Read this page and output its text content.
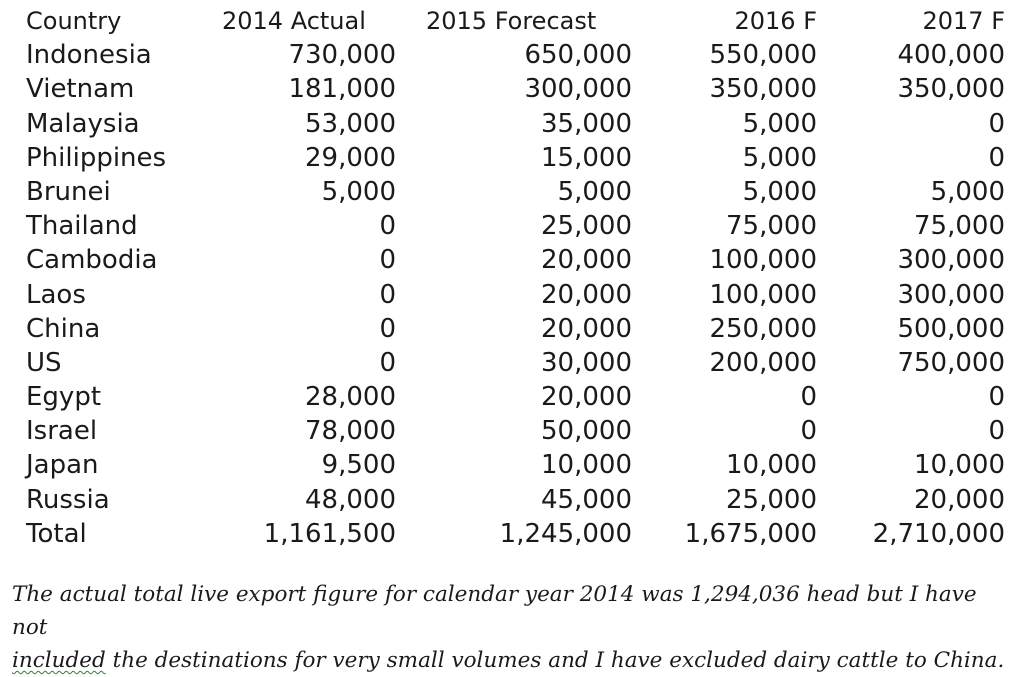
Country	2014 Actual	2015 Forecast	2016 F	2017 F
Indonesia	730,000	650,000	550,000	400,000
Vietnam	181,000	300,000	350,000	350,000
Malaysia	53,000	35,000	5,000	0
Philippines	29,000	15,000	5,000	0
Brunei	5,000	5,000	5,000	5,000
Thailand	0	25,000	75,000	75,000
Cambodia	0	20,000	100,000	300,000
Laos	0	20,000	100,000	300,000
China	0	20,000	250,000	500,000
US	0	30,000	200,000	750,000
Egypt	28,000	20,000	0	0
Israel	78,000	50,000	0	0
Japan	9,500	10,000	10,000	10,000
Russia	48,000	45,000	25,000	20,000
Total	1,161,500	1,245,000	1,675,000	2,710,000
The actual total live export figure for calendar year 2014 was 1,294,036 head but I have not
included the destinations for very small volumes and I have excluded dairy cattle to China.
